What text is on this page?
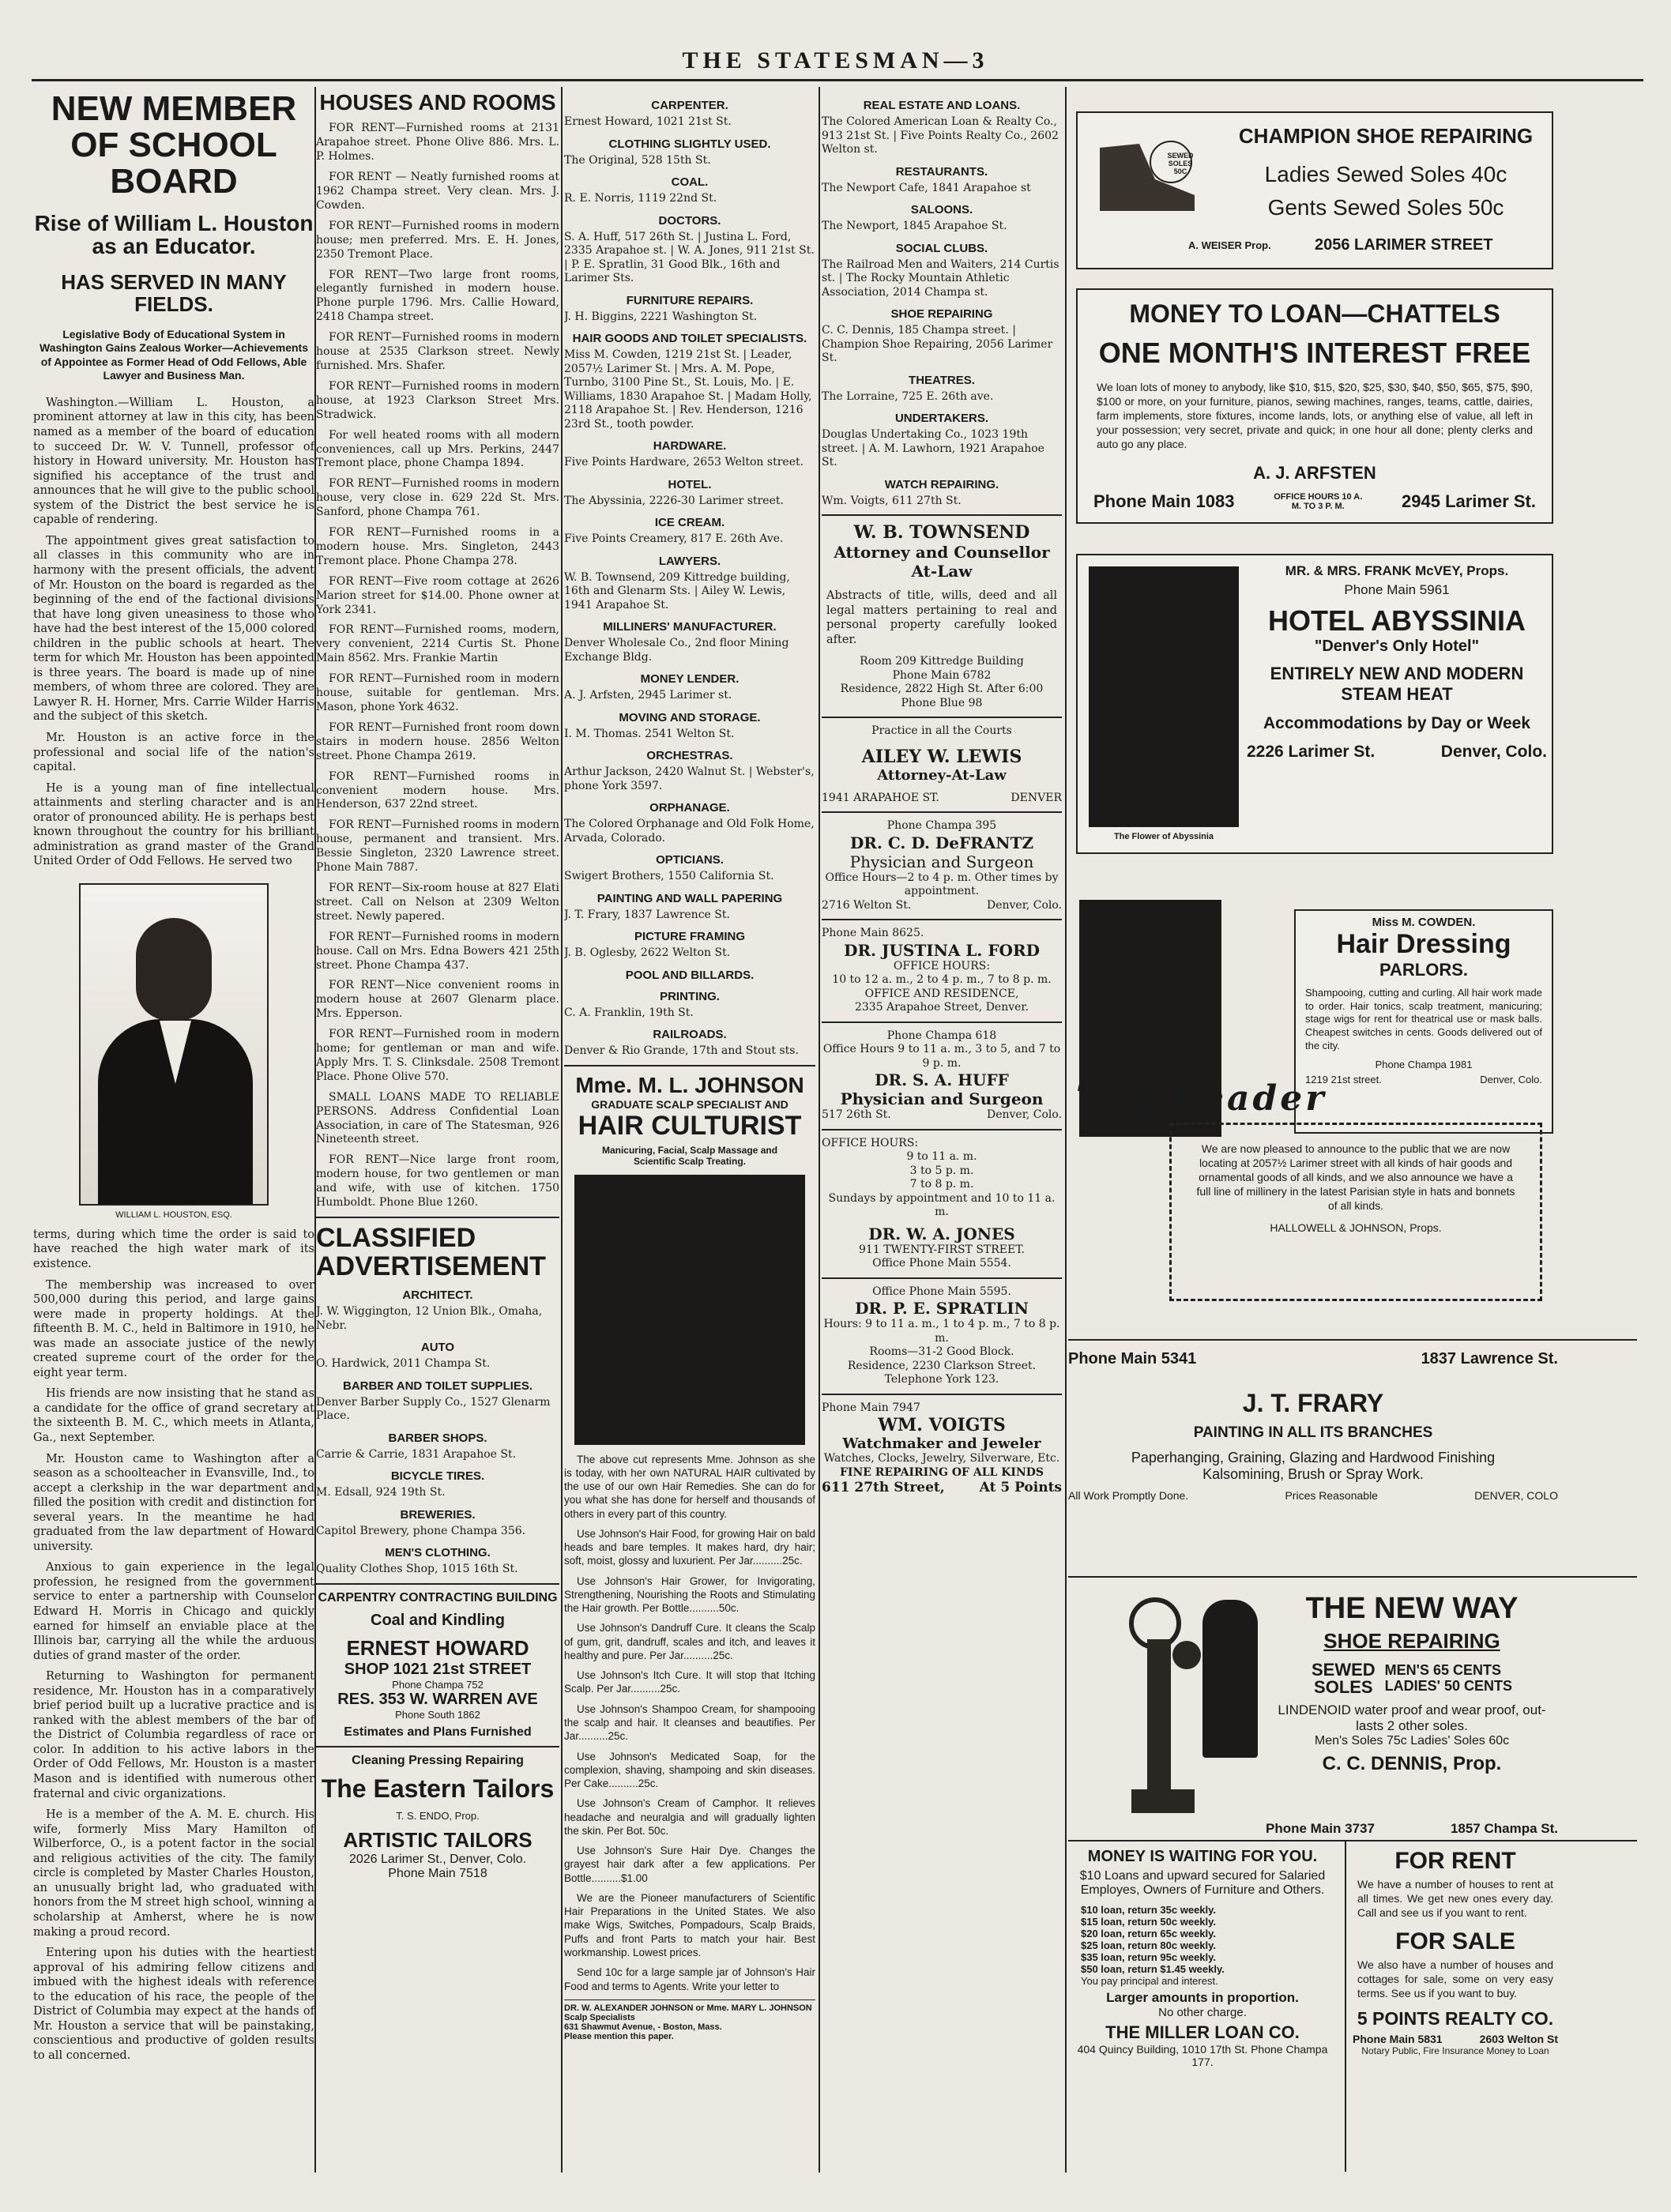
THE STATESMAN—3
NEW MEMBER OF SCHOOL BOARD
Rise of William L. Houston as an Educator.
HAS SERVED IN MANY FIELDS.
Legislative Body of Educational System in Washington Gains Zealous Worker—Achievements of Appointee as Former Head of Odd Fellows, Able Lawyer and Business Man.

Washington.—William L. Houston, a prominent attorney at law in this city, has been named as a member of the board of education to succeed Dr. W. V. Tunnell, professor of history in Howard university. Mr. Houston has signified his acceptance of the trust and announces that he will give to the public school system of the District the best service he is capable of rendering.

The appointment gives great satisfaction to all classes in this community who are in harmony with the present officials, the advent of Mr. Houston on the board is regarded as the beginning of the end of the factional divisions that have long given uneasiness to those who have had the best interest of the 15,000 colored children in the public schools at heart. The term for which Mr. Houston has been appointed is three years. The board is made up of nine members, of whom three are colored. They are Lawyer R. H. Horner, Mrs. Carrie Wilder Harris and the subject of this sketch.

Mr. Houston is an active force in the professional and social life of the nation's capital.

He is a young man of fine intellectual attainments and sterling character and is an orator of pronounced ability. He is perhaps best known throughout the country for his brilliant administration as grand master of the Grand United Order of Odd Fellows. He served two

WILLIAM L. HOUSTON, ESQ.

terms, during which time the order is said to have reached the high water mark of its existence.

The membership was increased to over 500,000 during this period, and large gains were made in property holdings. At the fifteenth B. M. C., held in Baltimore in 1910, he was made an associate justice of the newly created supreme court of the order for the eight year term.

His friends are now insisting that he stand as a candidate for the office of grand secretary at the sixteenth B. M. C., which meets in Atlanta, Ga., next September.

Mr. Houston came to Washington after a season as a schoolteacher in Evansville, Ind., to accept a clerkship in the war department and filled the position with credit and distinction for several years. In the meantime he had graduated from the law department of Howard university.

Anxious to gain experience in the legal profession, he resigned from the government service to enter a partnership with Counselor Edward H. Morris in Chicago and quickly earned for himself an enviable place at the Illinois bar, carrying all the while the arduous duties of grand master of the order.

Returning to Washington for permanent residence, Mr. Houston has in a comparatively brief period built up a lucrative practice and is ranked with the ablest members of the bar of the District of Columbia regardless of race or color. In addition to his active labors in the Order of Odd Fellows, Mr. Houston is a master Mason and is identified with numerous other fraternal and civic organizations.

He is a member of the A. M. E. church. His wife, formerly Miss Mary Hamilton of Wilberforce, O., is a potent factor in the social and religious activities of the city. The family circle is completed by Master Charles Houston, an unusually bright lad, who graduated with honors from the M street high school, winning a scholarship at Amherst, where he is now making a proud record.

Entering upon his duties with the heartiest approval of his admiring fellow citizens and imbued with the highest ideals with reference to the education of his race, the people of the District of Columbia may expect at the hands of Mr. Houston a service that will be painstaking, conscientious and productive of golden results to all concerned.

HOUSES AND ROOMS

FOR RENT—Furnished rooms at 2131 Arapahoe street. Phone Olive 886. Mrs. L. P. Holmes.

FOR RENT — Neatly furnished rooms at 1962 Champa street. Very clean. Mrs. J. Cowden.

FOR RENT—Furnished rooms in modern house; men preferred. Mrs. E. H. Jones, 2350 Tremont Place.

FOR RENT—Two large front rooms, elegantly furnished in modern house. Phone purple 1796. Mrs. Callie Howard, 2418 Champa street.

FOR RENT—Furnished rooms in modern house at 2535 Clarkson street. Newly furnished. Mrs. Shafer.

FOR RENT—Furnished rooms in modern house, at 1923 Clarkson Street Mrs. Stradwick.

For well heated rooms with all modern conveniences, call up Mrs. Perkins, 2447 Tremont place, phone Champa 1894.

FOR RENT—Furnished rooms in modern house, very close in. 629 22d St. Mrs. Sanford, phone Champa 761.

FOR RENT—Furnished rooms in a modern house. Mrs. Singleton, 2443 Tremont place. Phone Champa 278.

FOR RENT—Five room cottage at 2626 Marion street for $14.00. Phone owner at York 2341.

FOR RENT—Furnished rooms, modern, very convenient, 2214 Curtis St. Phone Main 8562. Mrs. Frankie Martin

FOR RENT—Furnished room in modern house, suitable for gentleman. Mrs. Mason, phone York 4632.

FOR RENT—Furnished front room down stairs in modern house. 2856 Welton street. Phone Champa 2619.

FOR RENT—Furnished rooms in convenient modern house. Mrs. Henderson, 637 22nd street.

FOR RENT—Furnished rooms in modern house, permanent and transient. Mrs. Bessie Singleton, 2320 Lawrence street. Phone Main 7887.

FOR RENT—Six-room house at 827 Elati street. Call on Nelson at 2309 Welton street. Newly papered.

FOR RENT—Furnished rooms in modern house. Call on Mrs. Edna Bowers 421 25th street. Phone Champa 437.

FOR RENT—Nice convenient rooms in modern house at 2607 Glenarm place. Mrs. Epperson.

FOR RENT—Furnished room in modern home; for gentleman or man and wife. Apply Mrs. T. S. Clinksdale. 2508 Tremont Place. Phone Olive 570.

SMALL LOANS MADE TO RELIABLE PERSONS. Address Confidential Loan Association, in care of The Statesman, 926 Nineteenth street.

FOR RENT—Nice large front room, modern house, for two gentlemen or man and wife, with use of kitchen. 1750 Humboldt. Phone Blue 1260.

CLASSIFIED ADVERTISEMENT
ARCHITECT.
J. W. Wiggington, 12 Union Blk., Omaha, Nebr.
AUTO
O. Hardwick, 2011 Champa St.
BARBER AND TOILET SUPPLIES.
Denver Barber Supply Co., 1527 Glenarm Place.
BARBER SHOPS.
Carrie & Carrie, 1831 Arapahoe St.
BICYCLE TIRES.
M. Edsall, 924 19th St.
BREWERIES.
Capitol Brewery, phone Champa 356.
MEN'S CLOTHING.
Quality Clothes Shop, 1015 16th St.
CARPENTRY CONTRACTING BUILDING
Coal and Kindling
ERNEST HOWARD
SHOP 1021 21st STREET
Phone Champa 752
RES. 353 W. WARREN AVE
Phone South 1862
Estimates and Plans Furnished
Cleaning Pressing Repairing
The Eastern Tailors
T. S. ENDO, Prop.
ARTISTIC TAILORS
2026 Larimer St., Denver, Colo.
Phone Main 7518
CARPENTER.
Ernest Howard, 1021 21st St.
CLOTHING SLIGHTLY USED.
The Original, 528 15th St.
COAL.
R. E. Norris, 1119 22nd St.
DOCTORS.
S. A. Huff, 517 26th St. | Justina L. Ford, 2335 Arapahoe st. | W. A. Jones, 911 21st St. | P. E. Spratlin, 31 Good Blk., 16th and Larimer Sts.
FURNITURE REPAIRS.
J. H. Biggins, 2221 Washington St.
HAIR GOODS AND TOILET SPECIALISTS.
Miss M. Cowden, 1219 21st St. | Leader, 2057½ Larimer St. | Mrs. A. M. Pope, Turnbo, 3100 Pine St., St. Louis, Mo. | E. Williams, 1830 Arapahoe St. | Madam Holly, 2118 Arapahoe St. | Rev. Henderson, 1216 23rd St., tooth powder.
HARDWARE.
Five Points Hardware, 2653 Welton street.
HOTEL.
The Abyssinia, 2226-30 Larimer street.
ICE CREAM.
Five Points Creamery, 817 E. 26th Ave.
LAWYERS.
W. B. Townsend, 209 Kittredge building, 16th and Glenarm Sts. | Ailey W. Lewis, 1941 Arapahoe St.
MILLINERS' MANUFACTURER.
Denver Wholesale Co., 2nd floor Mining Exchange Bldg.
MONEY LENDER.
A. J. Arfsten, 2945 Larimer st.
MOVING AND STORAGE.
I. M. Thomas. 2541 Welton St.
ORCHESTRAS.
Arthur Jackson, 2420 Walnut St. | Webster's, phone York 3597.
ORPHANAGE.
The Colored Orphanage and Old Folk Home, Arvada, Colorado.
OPTICIANS.
Swigert Brothers, 1550 California St.
PAINTING AND WALL PAPERING
J. T. Frary, 1837 Lawrence St.
PICTURE FRAMING
J. B. Oglesby, 2622 Welton St.
POOL AND BILLARDS.
PRINTING.
C. A. Franklin, 19th St.
RAILROADS.
Denver & Rio Grande, 17th and Stout sts.
Mme. M. L. JOHNSON
GRADUATE SCALP SPECIALIST AND
HAIR CULTURIST
Manicuring, Facial, Scalp Massage and Scientific Scalp Treating.

The above cut represents Mme. Johnson as she is today, with her own NATURAL HAIR cultivated by the use of our own Hair Remedies. She can do for you what she has done for herself and thousands of others in every part of this country.

Use Johnson's Hair Food, for growing Hair on bald heads and bare temples. It makes hard, dry hair; soft, moist, glossy and luxurient. Per Jar..........25c.

Use Johnson's Hair Grower, for Invigorating, Strengthening, Nourishing the Roots and Stimulating the Hair growth. Per Bottle..........50c.

Use Johnson's Dandruff Cure. It cleans the Scalp of gum, grit, dandruff, scales and itch, and leaves it healthy and pure. Per Jar..........25c.

Use Johnson's Itch Cure. It will stop that Itching Scalp. Per Jar..........25c.

Use Johnson's Shampoo Cream, for shampooing the scalp and hair. It cleanses and beautifies. Per Jar..........25c.

Use Johnson's Medicated Soap, for the complexion, shaving, shampoing and skin diseases. Per Cake..........25c.

Use Johnson's Cream of Camphor. It relieves headache and neuralgia and will gradually lighten the skin. Per Bot. 50c.

Use Johnson's Sure Hair Dye. Changes the grayest hair dark after a few applications. Per Bottle..........$1.00

We are the Pioneer manufacturers of Scientific Hair Preparations in the United States. We also make Wigs, Switches, Pompadours, Scalp Braids, Puffs and front Parts to match your hair. Best workmanship. Lowest prices.

Send 10c for a large sample jar of Johnson's Hair Food and terms to Agents. Write your letter to

DR. W. ALEXANDER JOHNSON or Mme. MARY L. JOHNSON
Scalp Specialists
631 Shawmut Avenue, - Boston, Mass.
Please mention this paper.
REAL ESTATE AND LOANS.
The Colored American Loan & Realty Co., 913 21st St. | Five Points Realty Co., 2602 Welton st.
RESTAURANTS.
The Newport Cafe, 1841 Arapahoe st
SALOONS.
The Newport, 1845 Arapahoe St.
SOCIAL CLUBS.
The Railroad Men and Waiters, 214 Curtis st. | The Rocky Mountain Athletic Association, 2014 Champa st.
SHOE REPAIRING
C. C. Dennis, 185 Champa street. | Champion Shoe Repairing, 2056 Larimer St.
THEATRES.
The Lorraine, 725 E. 26th ave.
UNDERTAKERS.
Douglas Undertaking Co., 1023 19th street. | A. M. Lawhorn, 1921 Arapahoe St.
WATCH REPAIRING.
Wm. Voigts, 611 27th St.
W. B. TOWNSEND
Attorney and Counsellor At-Law

Abstracts of title, wills, deed and all legal matters pertaining to real and personal property carefully looked after.

Room 209 Kittredge Building
Phone Main 6782
Residence, 2822 High St. After 6:00
Phone Blue 98
Practice in all the Courts
AILEY W. LEWIS
Attorney-At-Law
1941 ARAPAHOE ST.	DENVER
Phone Champa 395
DR. C. D. DeFRANTZ
Physician and Surgeon
Office Hours—2 to 4 p. m. Other times by appointment.
2716 Welton St.	Denver, Colo.
Phone Main 8625.
DR. JUSTINA L. FORD
OFFICE HOURS:
10 to 12 a. m., 2 to 4 p. m., 7 to 8 p. m.
OFFICE AND RESIDENCE,
2335 Arapahoe Street, Denver.
Phone Champa 618
Office Hours 9 to 11 a. m., 3 to 5, and 7 to 9 p. m.
DR. S. A. HUFF
Physician and Surgeon
517 26th St.	Denver, Colo.
OFFICE HOURS:
9 to 11 a. m.
3 to 5 p. m.
7 to 8 p. m.
Sundays by appointment and 10 to 11 a. m.
DR. W. A. JONES
911 TWENTY-FIRST STREET.
Office Phone Main 5554.
Office Phone Main 5595.
DR. P. E. SPRATLIN
Hours: 9 to 11 a. m., 1 to 4 p. m., 7 to 8 p. m.
Rooms—31-2 Good Block.
Residence, 2230 Clarkson Street.
Telephone York 123.
Phone Main 7947
WM. VOIGTS
Watchmaker and Jeweler
Watches, Clocks, Jewelry, Silverware, Etc.
FINE REPAIRING OF ALL KINDS
611 27th Street,	At 5 Points
SEWED
SOLES
50C
CHAMPION SHOE REPAIRING
Ladies Sewed Soles 40c
Gents Sewed Soles 50c
A. WEISER Prop.	2056 LARIMER STREET
MONEY TO LOAN—CHATTELS
ONE MONTH'S INTEREST FREE

We loan lots of money to anybody, like $10, $15, $20, $25, $30, $40, $50, $65, $75, $90, $100 or more, on your furniture, pianos, sewing machines, ranges, teams, cattle, dairies, farm implements, store fixtures, income lands, lots, or anything else of value, all left in your possession; very secret, private and quick; in one hour all done; plenty clerks and auto go any place.

A. J. ARFSTEN
Phone Main 1083	OFFICE HOURS 10 A. M. TO 3 P. M.	2945 Larimer St.
The Flower of Abyssinia
MR. & MRS. FRANK McVEY, Props.
Phone Main 5961
HOTEL ABYSSINIA
"Denver's Only Hotel"
ENTIRELY NEW AND MODERN
STEAM HEAT
Accommodations by Day or Week
2226 Larimer St.	Denver, Colo.
Miss M. COWDEN.
Hair Dressing
PARLORS.

Shampooing, cutting and curling. All hair work made to order. Hair tonics, scalp treatment, manicuring; stage wigs for rent for theatrical use or mask balls. Cheapest switches in cents. Goods delivered out of the city.

Phone Champa 1981
1219 21st street.	Denver, Colo.
The Leader

We are now pleased to announce to the public that we are now locating at 2057½ Larimer street with all kinds of hair goods and ornamental goods of all kinds, and we also announce we have a full line of millinery in the latest Parisian style in hats and bonnets of all kinds.

HALLOWELL & JOHNSON, Props.
Phone Main 5341	1837 Lawrence St.
J. T. FRARY
PAINTING IN ALL ITS BRANCHES
Paperhanging, Graining, Glazing and Hardwood Finishing
Kalsomining, Brush or Spray Work.
All Work Promptly Done.	Prices Reasonable	DENVER, COLO
THE NEW WAY
SHOE REPAIRING
SEWED
SOLES
MEN'S 65 CENTS
LADIES' 50 CENTS
LINDENOID water proof and wear proof, out-lasts 2 other soles.
Men's Soles 75c Ladies' Soles 60c
C. C. DENNIS, Prop.
Phone Main 3737	1857 Champa St.
MONEY IS WAITING FOR YOU.
$10 Loans and upward secured for Salaried Employes, Owners of Furniture and Others.
$10 loan, return 35c weekly.
$15 loan, return 50c weekly.
$20 loan, return 65c weekly.
$25 loan, return 80c weekly.
$35 loan, return 95c weekly.
$50 loan, return $1.45 weekly.
You pay principal and interest.
Larger amounts in proportion.
No other charge.
THE MILLER LOAN CO.
404 Quincy Building, 1010 17th St. Phone Champa 177.
FOR RENT

We have a number of houses to rent at all times. We get new ones every day. Call and see us if you want to rent.

FOR SALE

We also have a number of houses and cottages for sale, some on very easy terms. See us if you want to buy.

5 POINTS REALTY CO.
Phone Main 5831	2603 Welton St
Notary Public, Fire Insurance Money to Loan
